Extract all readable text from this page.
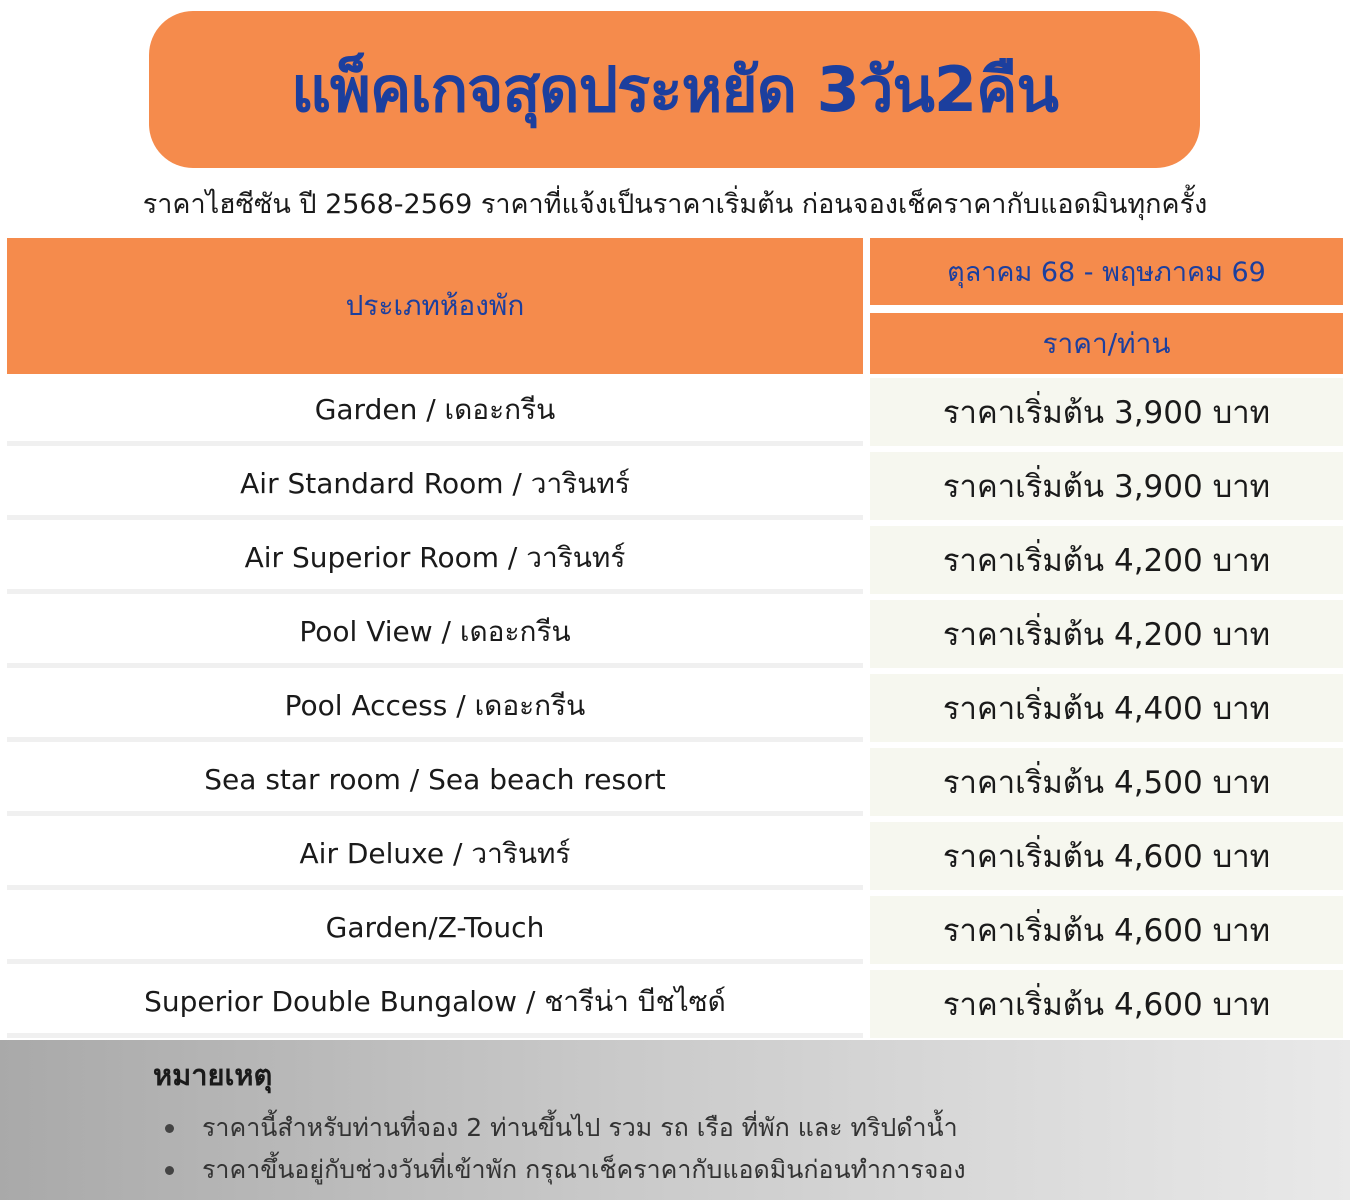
แพ็คเกจสุดประหยัด 3วัน2คืน
ราคาไฮซีซัน ปี 2568-2569 ราคาที่แจ้งเป็นราคาเริ่มต้น ก่อนจองเช็คราคากับแอดมินทุกครั้ง
ประเภทห้องพัก
ตุลาคม 68 - พฤษภาคม 69
ราคา/ท่าน
Garden / เดอะกรีน	ราคาเริ่มต้น 3,900 บาท
Air Standard Room / วารินทร์	ราคาเริ่มต้น 3,900 บาท
Air Superior Room / วารินทร์	ราคาเริ่มต้น 4,200 บาท
Pool View / เดอะกรีน	ราคาเริ่มต้น 4,200 บาท
Pool Access / เดอะกรีน	ราคาเริ่มต้น 4,400 บาท
Sea star room / Sea beach resort	ราคาเริ่มต้น 4,500 บาท
Air Deluxe / วารินทร์	ราคาเริ่มต้น 4,600 บาท
Garden/Z-Touch	ราคาเริ่มต้น 4,600 บาท
Superior Double Bungalow / ชารีน่า บีชไซด์	ราคาเริ่มต้น 4,600 บาท
หมายเหตุ
ราคานี้สำหรับท่านที่จอง 2 ท่านขึ้นไป รวม รถ เรือ ที่พัก และ ทริปดำน้ำ
ราคาขึ้นอยู่กับช่วงวันที่เข้าพัก กรุณาเช็คราคากับแอดมินก่อนทำการจอง
